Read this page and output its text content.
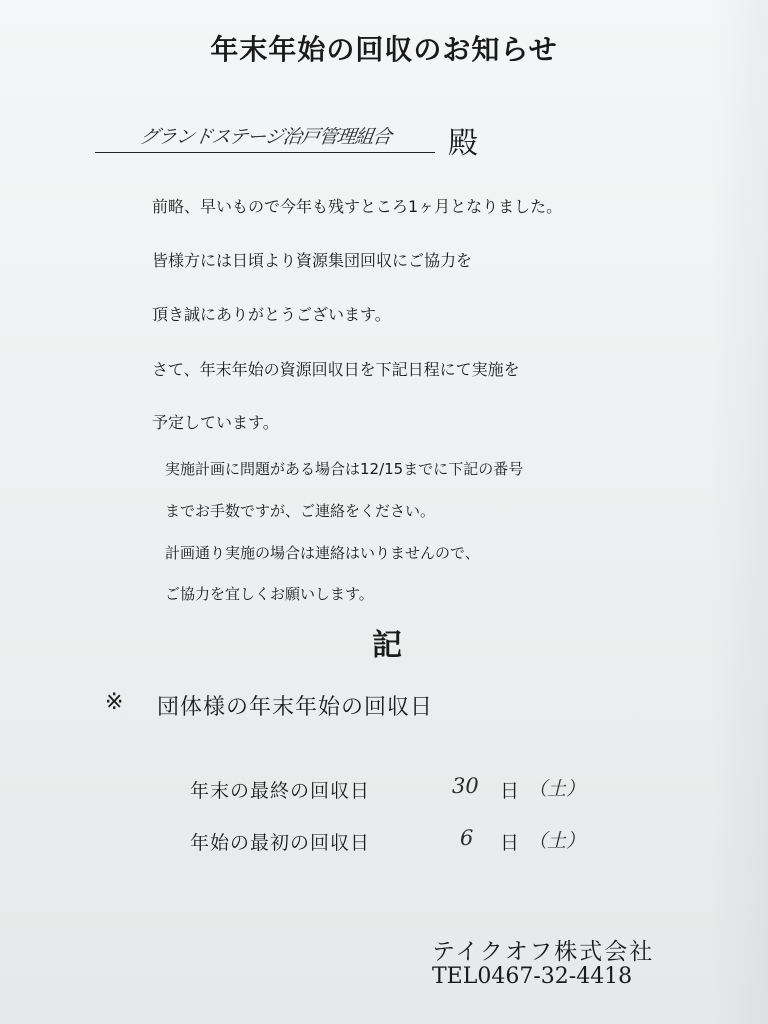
年末年始の回収のお知らせ
グランドステージ治戸管理組合 殿
前略、早いもので今年も残すところ1ヶ月となりました。
皆様方には日頃より資源集団回収にご協力を
頂き誠にありがとうございます。
さて、年末年始の資源回収日を下記日程にて実施を
予定しています。
実施計画に問題がある場合は12/15までに下記の番号
までお手数ですが、ご連絡をください。
計画通り実施の場合は連絡はいりませんので、
ご協力を宜しくお願いします。
記
※ 団体様の年末年始の回収日
年末の最終の回収日	30 日 （土）
年始の最初の回収日	6 日 （土）
テイクオフ株式会社
TEL0467-32-4418
